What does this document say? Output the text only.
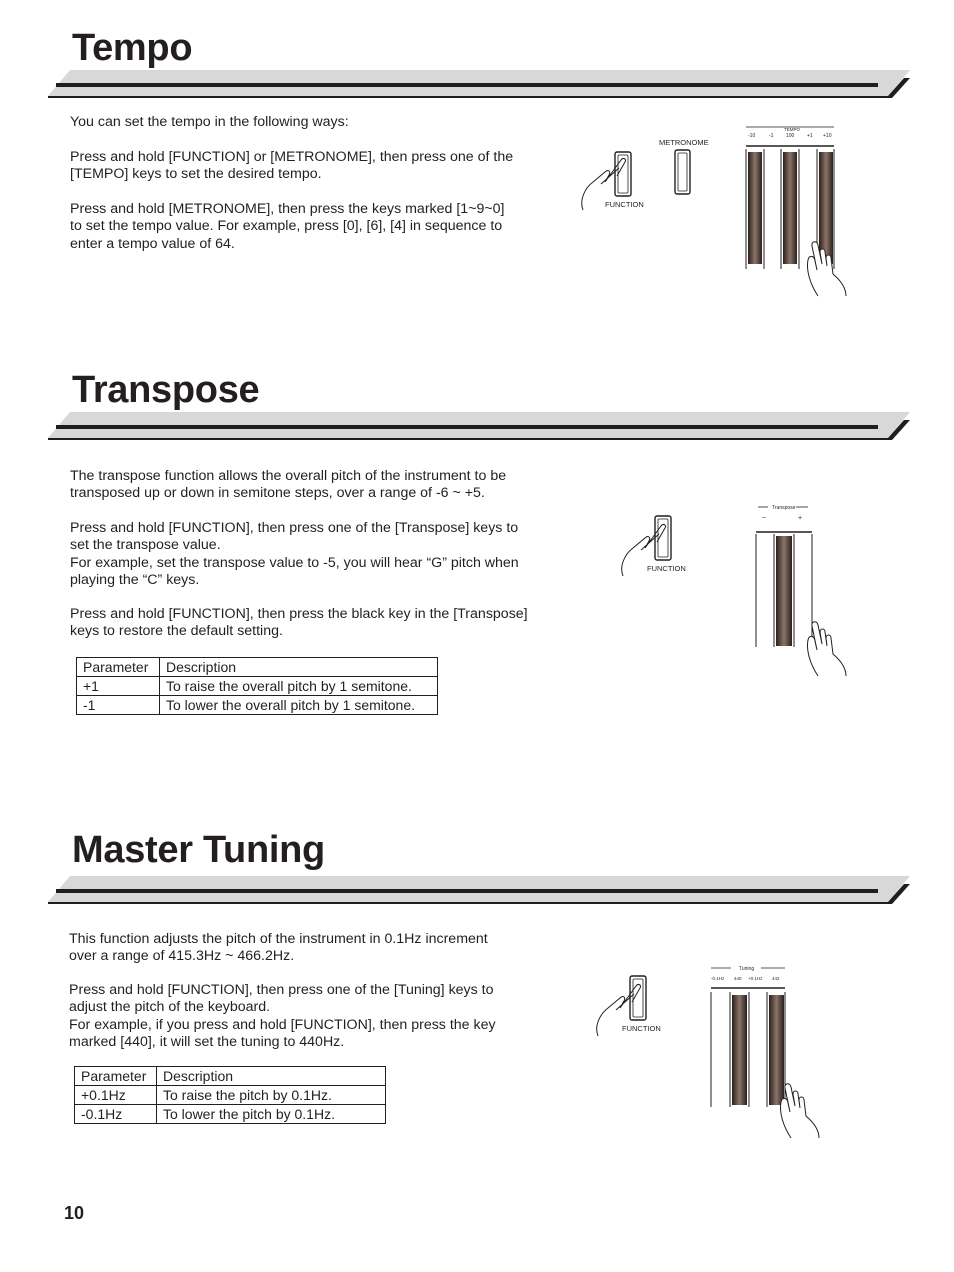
Tempo

You can set the tempo in the following ways:

Press and hold [FUNCTION] or [METRONOME], then press one of the
[TEMPO] keys to set the desired tempo.

Press and hold [METRONOME], then press the keys marked [1~9~0]
to set the tempo value. For example, press [0], [6], [4] in sequence to
enter a tempo value of 64.

FUNCTION
METRONOME
TEMPO
-10	-1	100	+1 +10
Transpose

The transpose function allows the overall pitch of the instrument to be
transposed up or down in semitone steps, over a range of -6 ~ +5.

Press and hold [FUNCTION], then press one of the [Transpose] keys to
set the transpose value.
For example, set the transpose value to -5, you will hear “G” pitch when
playing the “C” keys.

Press and hold [FUNCTION], then press the black key in the [Transpose]
keys to restore the default setting.

Parameter	Description
+1	To raise the overall pitch by 1 semitone.
-1	To lower the overall pitch by 1 semitone.
FUNCTION
Transpose
−	+
Master Tuning

This function adjusts the pitch of the instrument in 0.1Hz increment
over a range of 415.3Hz ~ 466.2Hz.

Press and hold [FUNCTION], then press one of the [Tuning] keys to
adjust the pitch of the keyboard.
For example, if you press and hold [FUNCTION], then press the key
marked [440], it will set the tuning to 440Hz.

Parameter	Description
+0.1Hz	To raise the pitch by 0.1Hz.
-0.1Hz	To lower the pitch by 0.1Hz.
FUNCTION
Tuning
-0.1Hz 440 +0.1Hz 442

10
